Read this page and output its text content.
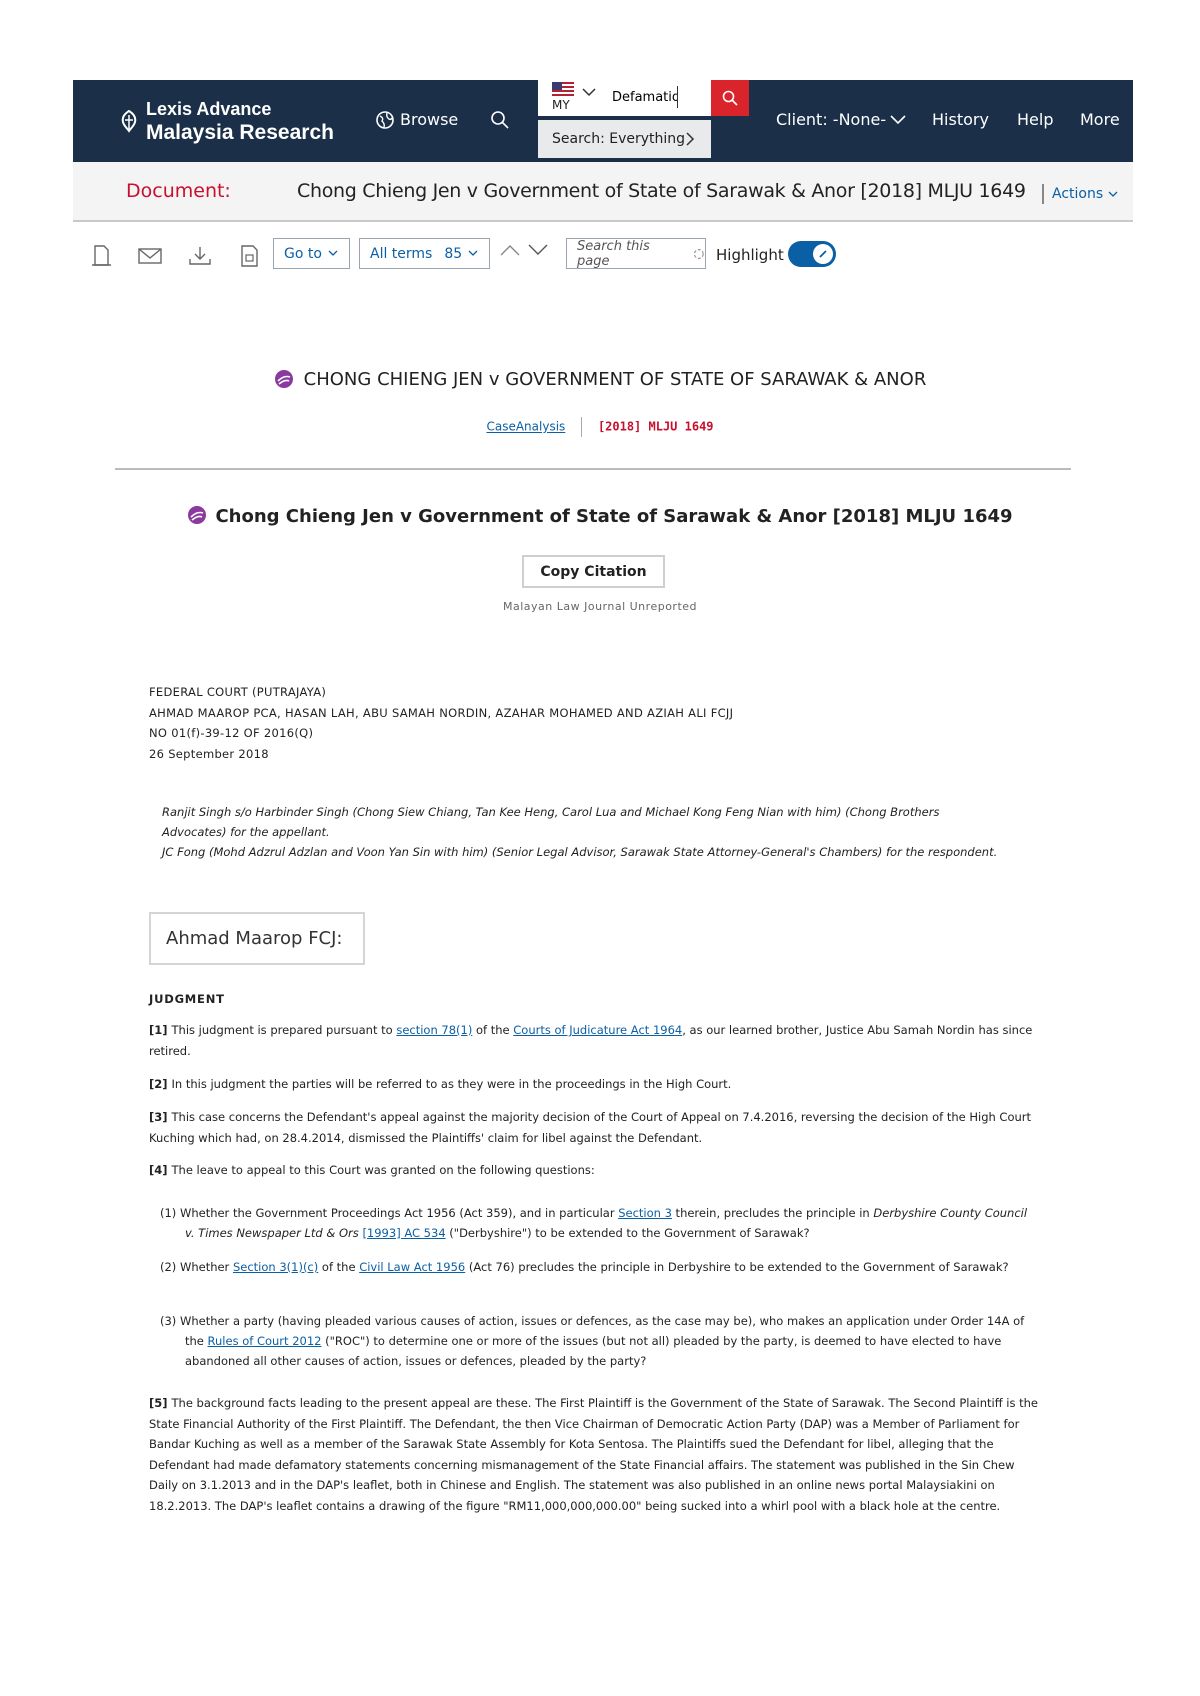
Lexis Advance
Malaysia Research
Browse
MY
Defamatio
Search: Everything
Client: -None-	History Help More
Document:	Chong Chieng Jen v Government of State of Sarawak & Anor [2018] MLJU 1649 Actions
Go to	All terms 85	Search this page	Highlight
CHONG CHIENG JEN v GOVERNMENT OF STATE OF SARAWAK & ANOR
CaseAnalysis	[2018] MLJU 1649
Chong Chieng Jen v Government of State of Sarawak & Anor [2018] MLJU 1649
Copy Citation
Malayan Law Journal Unreported
FEDERAL COURT (PUTRAJAYA)
AHMAD MAAROP PCA, HASAN LAH, ABU SAMAH NORDIN, AZAHAR MOHAMED AND AZIAH ALI FCJJ
NO 01(f)-39-12 OF 2016(Q)
26 September 2018
Ranjit Singh s/o Harbinder Singh (Chong Siew Chiang, Tan Kee Heng, Carol Lua and Michael Kong Feng Nian with him) (Chong Brothers Advocates) for the appellant.
JC Fong (Mohd Adzrul Adzlan and Voon Yan Sin with him) (Senior Legal Advisor, Sarawak State Attorney-General's Chambers) for the respondent.
Ahmad Maarop FCJ:
JUDGMENT
[1] This judgment is prepared pursuant to section 78(1) of the Courts of Judicature Act 1964, as our learned brother, Justice Abu Samah Nordin has since retired.
[2] In this judgment the parties will be referred to as they were in the proceedings in the High Court.
[3] This case concerns the Defendant's appeal against the majority decision of the Court of Appeal on 7.4.2016, reversing the decision of the High Court Kuching which had, on 28.4.2014, dismissed the Plaintiffs' claim for libel against the Defendant.
[4] The leave to appeal to this Court was granted on the following questions:
(1) Whether the Government Proceedings Act 1956 (Act 359), and in particular Section 3 therein, precludes the principle in Derbyshire County Council v. Times Newspaper Ltd & Ors [1993] AC 534 ("Derbyshire") to be extended to the Government of Sarawak?
(2) Whether Section 3(1)(c) of the Civil Law Act 1956 (Act 76) precludes the principle in Derbyshire to be extended to the Government of Sarawak?
(3) Whether a party (having pleaded various causes of action, issues or defences, as the case may be), who makes an application under Order 14A of the Rules of Court 2012 ("ROC") to determine one or more of the issues (but not all) pleaded by the party, is deemed to have elected to have abandoned all other causes of action, issues or defences, pleaded by the party?
[5] The background facts leading to the present appeal are these. The First Plaintiff is the Government of the State of Sarawak. The Second Plaintiff is the State Financial Authority of the First Plaintiff. The Defendant, the then Vice Chairman of Democratic Action Party (DAP) was a Member of Parliament for Bandar Kuching as well as a member of the Sarawak State Assembly for Kota Sentosa. The Plaintiffs sued the Defendant for libel, alleging that the Defendant had made defamatory statements concerning mismanagement of the State Financial affairs. The statement was published in the Sin Chew Daily on 3.1.2013 and in the DAP's leaflet, both in Chinese and English. The statement was also published in an online news portal Malaysiakini on 18.2.2013. The DAP's leaflet contains a drawing of the figure "RM11,000,000,000.00" being sucked into a whirl pool with a black hole at the centre.
